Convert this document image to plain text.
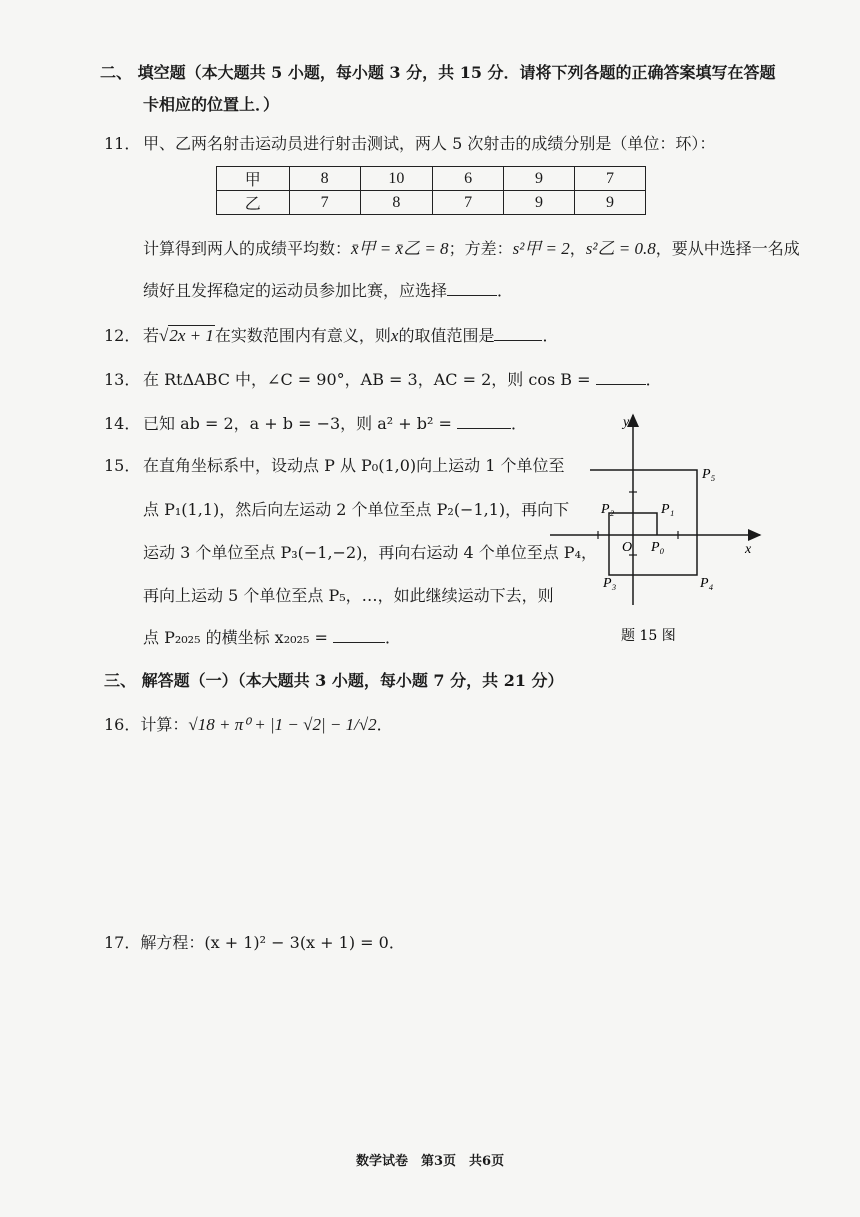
二、 填空题（本大题共 5 小题，每小题 3 分，共 15 分．请将下列各题的正确答案填写在答题
卡相应的位置上．）
11． 甲、乙两名射击运动员进行射击测试，两人 5 次射击的成绩分别是（单位：环）：
甲	8	10	6	9	7
乙	7	8	7	9	9
计算得到两人的成绩平均数：x̄甲 = x̄乙 = 8；方差：s²甲 = 2，s²乙 = 0.8，要从中选择一名成
绩好且发挥稳定的运动员参加比赛，应选择	．
12． 若√2x + 1在实数范围内有意义，则x的取值范围是	．
13． 在 RtΔABC 中，∠C = 90°，AB = 3，AC = 2，则 cos B =	．
14． 已知 ab = 2，a + b = −3，则 a² + b² =	．
15． 在直角坐标系中，设动点 P 从 P₀(1,0)向上运动 1 个单位至
点 P₁(1,1)，然后向左运动 2 个单位至点 P₂(−1,1)，再向下
运动 3 个单位至点 P₃(−1,−2)，再向右运动 4 个单位至点 P₄，
再向上运动 5 个单位至点 P₅，…，如此继续运动下去，则
点 P₂₀₂₅ 的横坐标 x₂₀₂₅ =	．
y
x
O P₀
P₁
P₂
P₃	P₄
P₅
题 15 图
三、 解答题（一）（本大题共 3 小题，每小题 7 分，共 21 分）
16．计算：√18 + π⁰ + |1 − √2| − 1/√2．
17．解方程：(x + 1)² − 3(x + 1) = 0．
数学试卷　第3页　共6页
